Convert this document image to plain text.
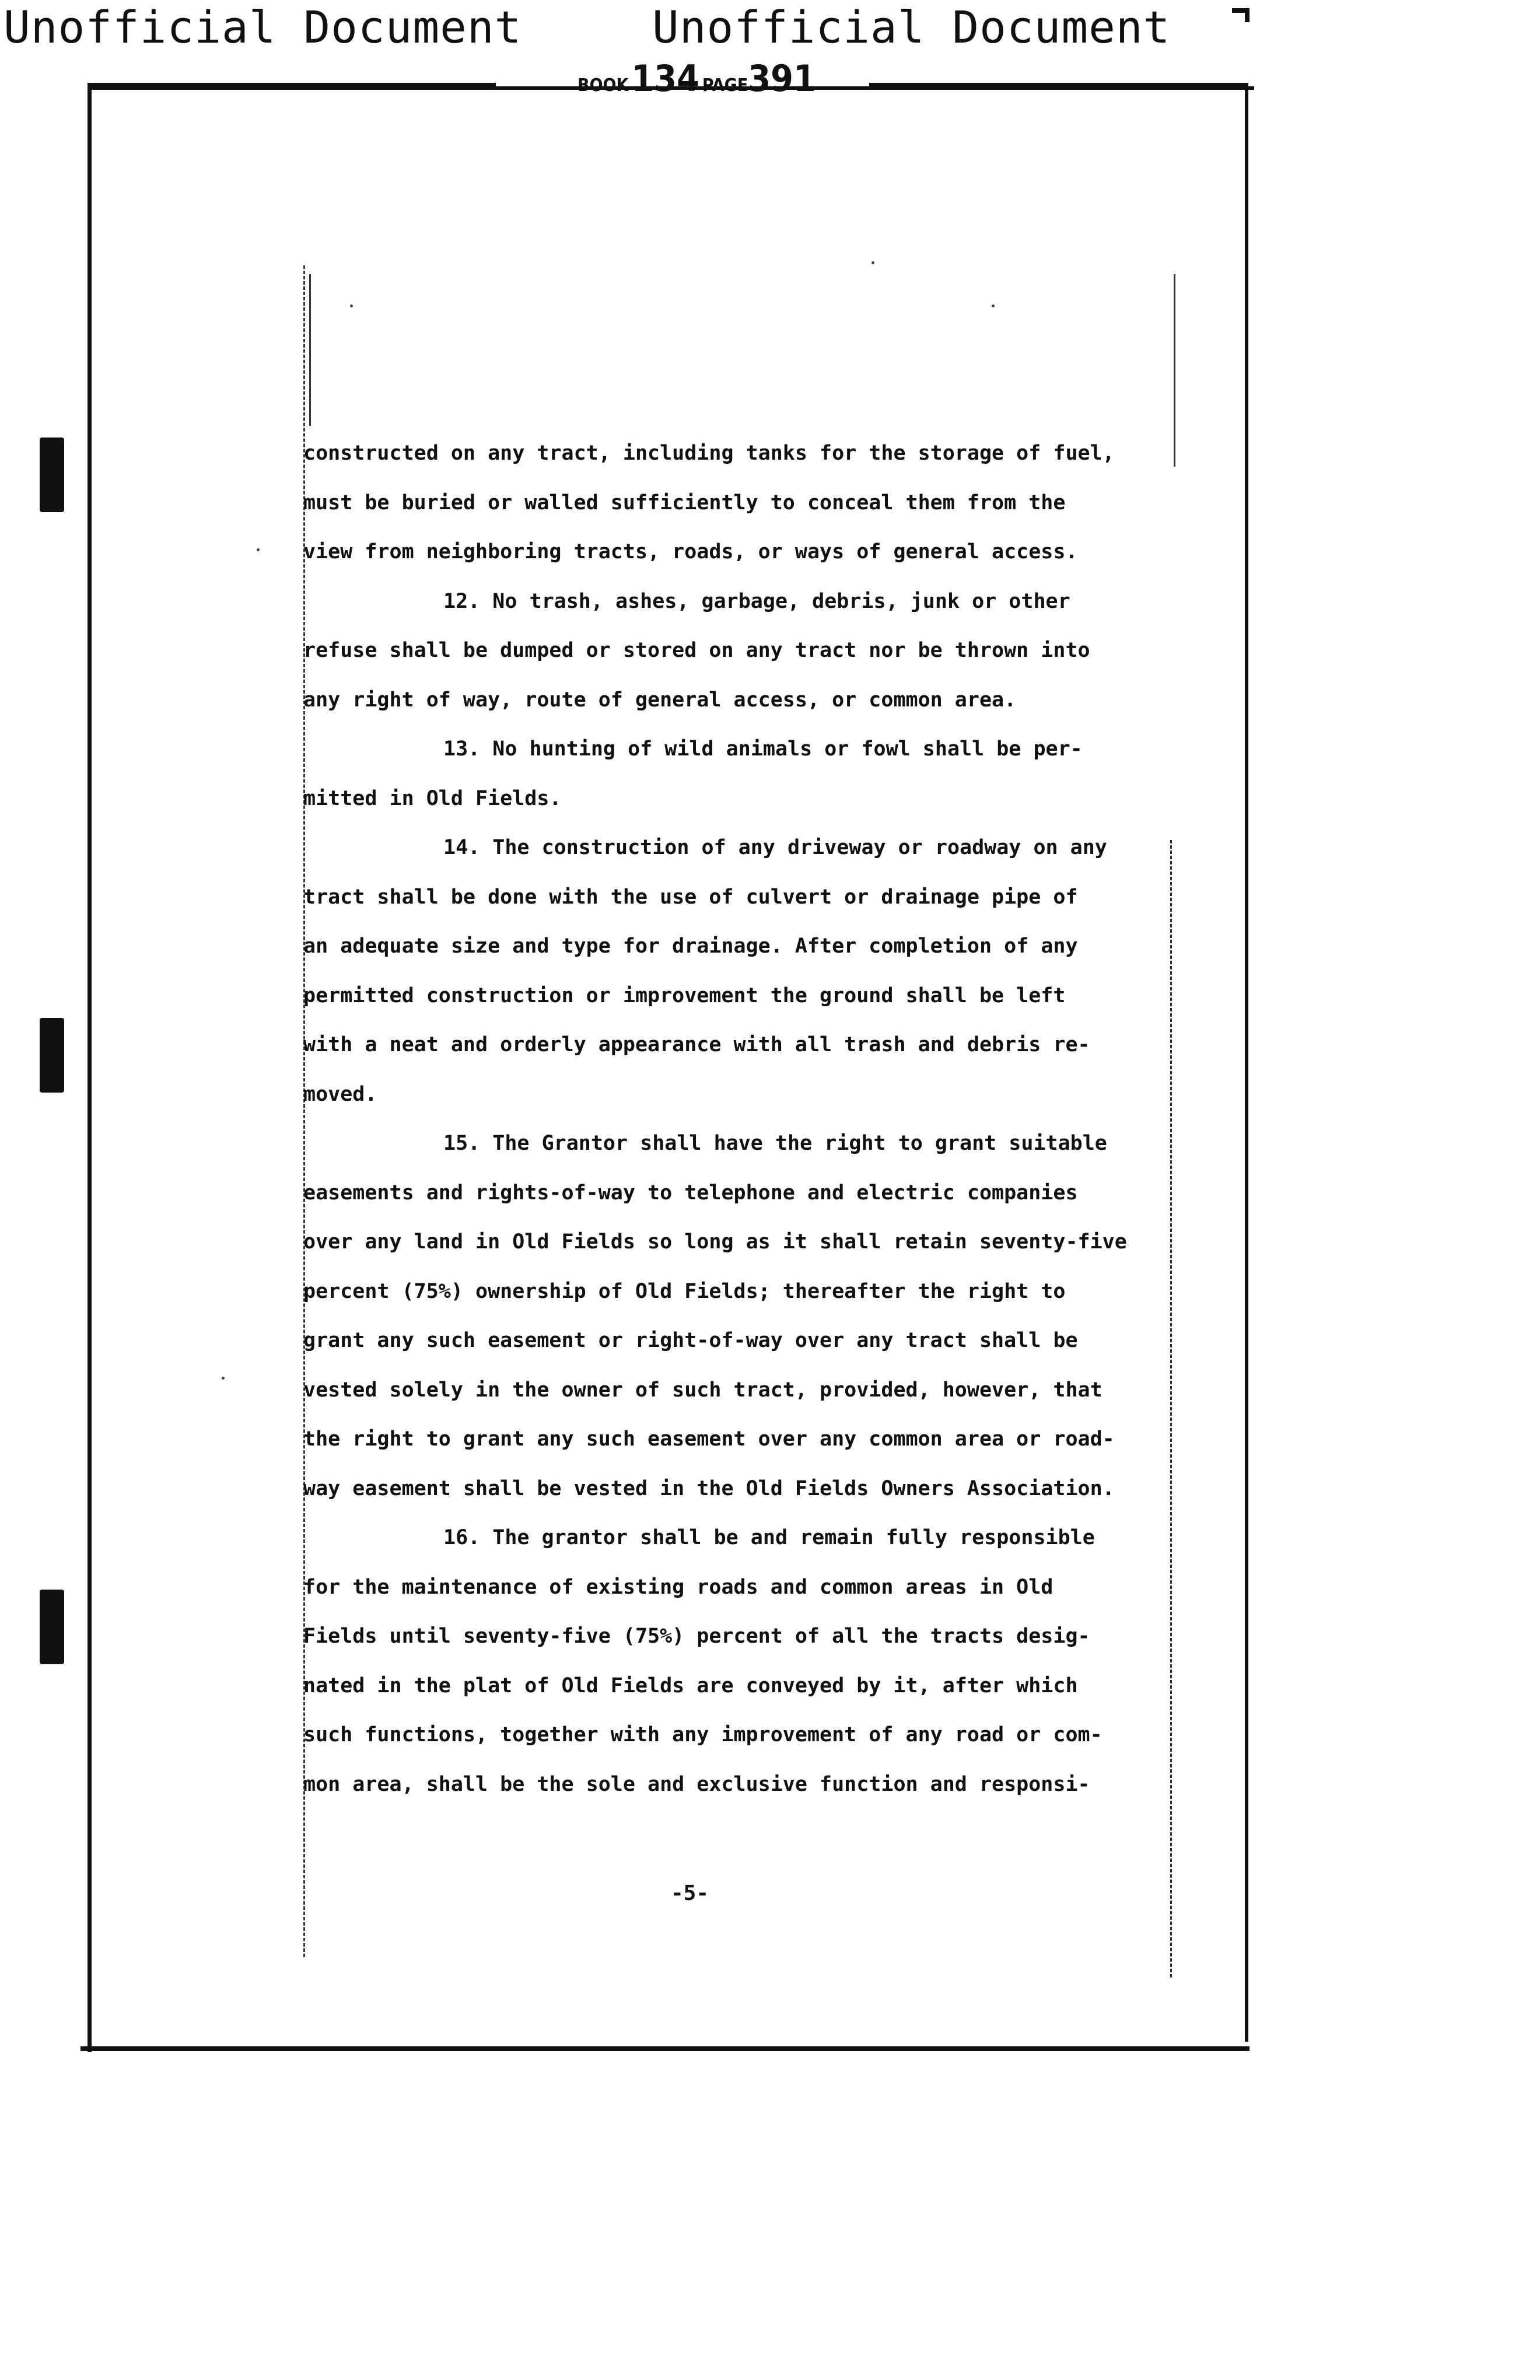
Unofficial Document	Unofficial Document
BOOK 134 PAGE391
constructed on any tract, including tanks for the storage of fuel,
must be buried or walled sufficiently to conceal them from the
view from neighboring tracts, roads, or ways of general access.
12. No trash, ashes, garbage, debris, junk or other
refuse shall be dumped or stored on any tract nor be thrown into
any right of way, route of general access, or common area.
13. No hunting of wild animals or fowl shall be per-
mitted in Old Fields.
14. The construction of any driveway or roadway on any
tract shall be done with the use of culvert or drainage pipe of
an adequate size and type for drainage. After completion of any
permitted construction or improvement the ground shall be left
with a neat and orderly appearance with all trash and debris re-
moved.
15. The Grantor shall have the right to grant suitable
easements and rights-of-way to telephone and electric companies
over any land in Old Fields so long as it shall retain seventy-five
percent (75%) ownership of Old Fields; thereafter the right to
grant any such easement or right-of-way over any tract shall be
vested solely in the owner of such tract, provided, however, that
the right to grant any such easement over any common area or road-
way easement shall be vested in the Old Fields Owners Association.
16. The grantor shall be and remain fully responsible
for the maintenance of existing roads and common areas in Old
Fields until seventy-five (75%) percent of all the tracts desig-
nated in the plat of Old Fields are conveyed by it, after which
such functions, together with any improvement of any road or com-
mon area, shall be the sole and exclusive function and responsi-
-5-
